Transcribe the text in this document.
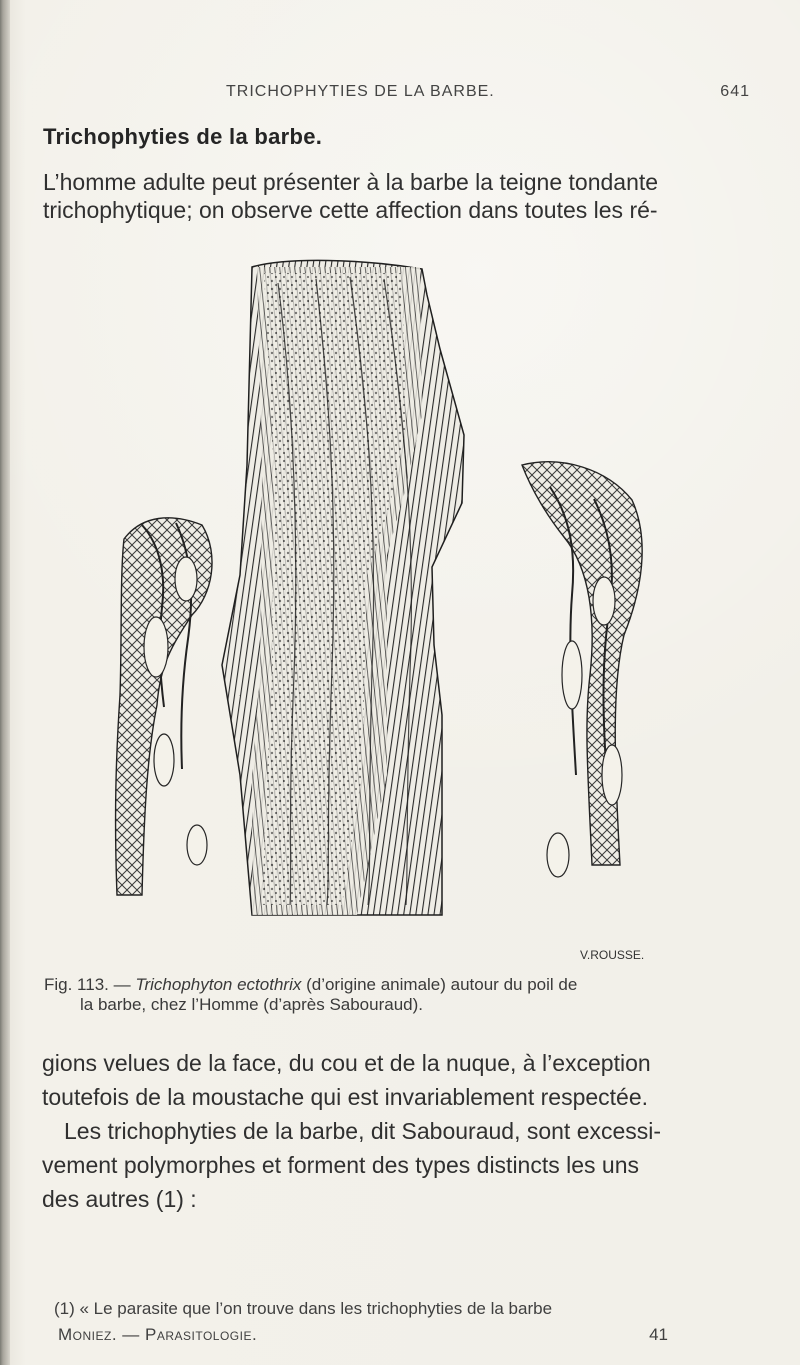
TRICHOPHYTIES DE LA BARBE.	641
Trichophyties de la barbe.
L’homme adulte peut présenter à la barbe la teigne tondante
trichophytique; on observe cette affection dans toutes les ré-
V.ROUSSE.
Fig. 113. — Trichophyton ectothrix (d’origine animale) autour du poil de
la barbe, chez l’Homme (d’après Sabouraud).
gions velues de la face, du cou et de la nuque, à l’exception
toutefois de la moustache qui est invariablement respectée.
Les trichophyties de la barbe, dit Sabouraud, sont excessi-
vement polymorphes et forment des types distincts les uns
des autres (1) :
(1) « Le parasite que l’on trouve dans les trichophyties de la barbe
Moniez. — Parasitologie.	41
